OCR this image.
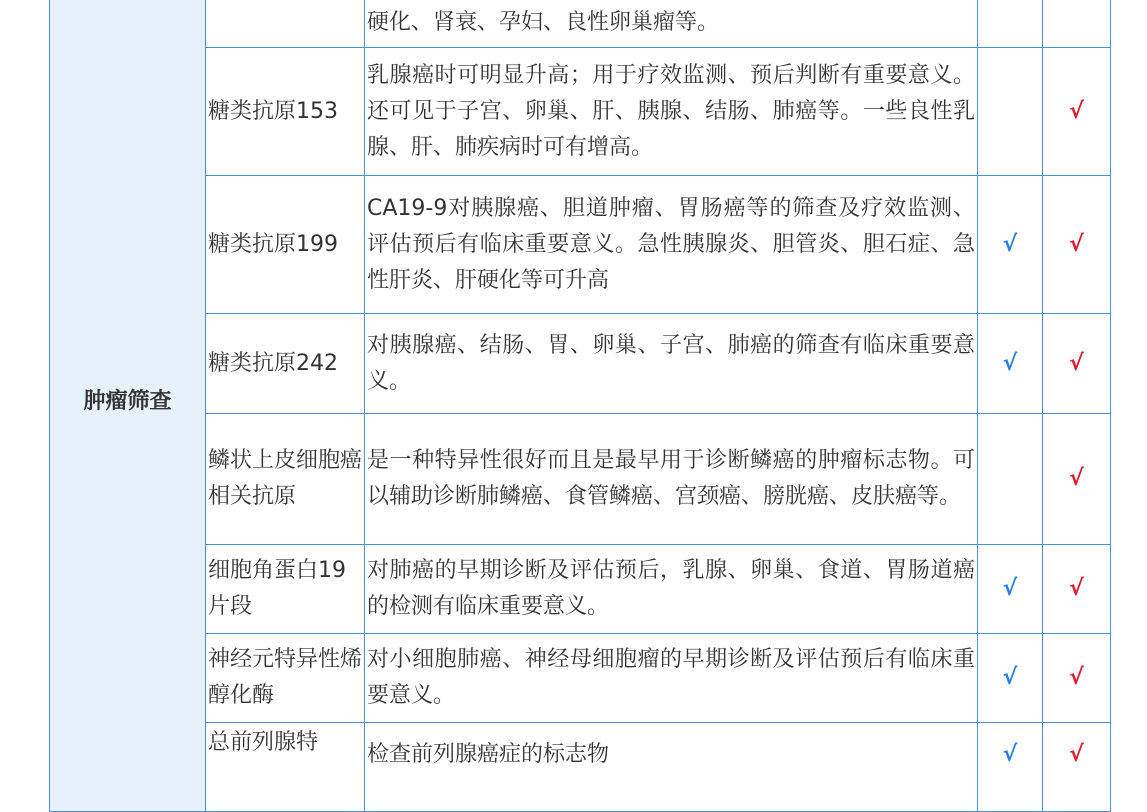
肿瘤筛查		硬化、肾衰、孕妇、良性卵巢瘤等。		
	糖类抗原153	乳腺癌时可明显升高；用于疗效监测、预后判断有重要意义。还可见于子宫、卵巢、肝、胰腺、结肠、肺癌等。一些良性乳腺、肝、肺疾病时可有增高。		√
	糖类抗原199	CA19-9对胰腺癌、胆道肿瘤、胃肠癌等的筛查及疗效监测、评估预后有临床重要意义。急性胰腺炎、胆管炎、胆石症、急性肝炎、肝硬化等可升高	√	√
	糖类抗原242	对胰腺癌、结肠、胃、卵巢、子宫、肺癌的筛查有临床重要意义。	√	√
	鳞状上皮细胞癌相关抗原	是一种特异性很好而且是最早用于诊断鳞癌的肿瘤标志物。可以辅助诊断肺鳞癌、食管鳞癌、宫颈癌、膀胱癌、皮肤癌等。		√
	细胞角蛋白19片段	对肺癌的早期诊断及评估预后，乳腺、卵巢、食道、胃肠道癌的检测有临床重要意义。	√	√
	神经元特异性烯醇化酶	对小细胞肺癌、神经母细胞瘤的早期诊断及评估预后有临床重要意义。	√	√
	总前列腺特	检查前列腺癌症的标志物	√	√
